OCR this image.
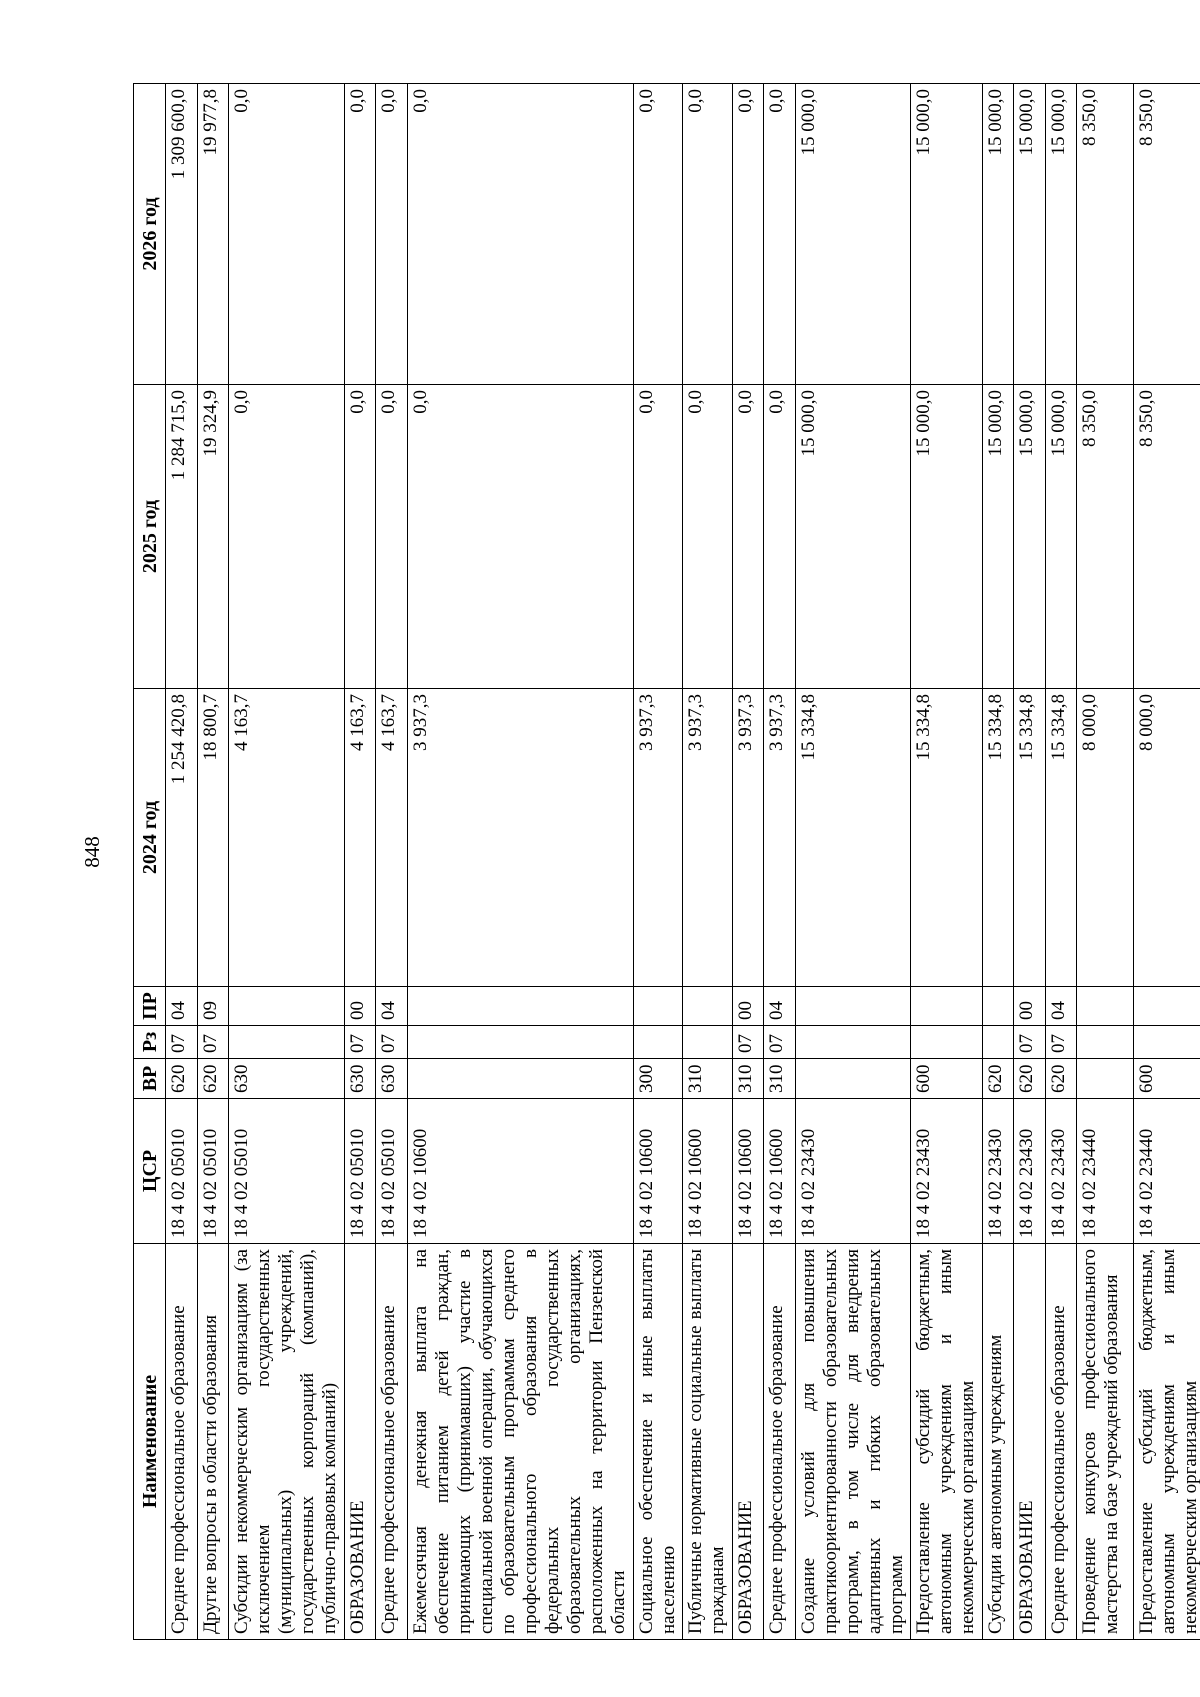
848
Наименование	ЦСР	ВР	Рз	ПР	2024 год	2025 год	2026 год
Среднее профессиональное образование	18 4 02 05010	620	07	04	1 254 420,8	1 284 715,0	1 309 600,0
Другие вопросы в области образования	18 4 02 05010	620	07	09	18 800,7	19 324,9	19 977,8
Субсидии некоммерческим организациям (за исключением государственных (муниципальных) учреждений, государственных корпораций (компаний), публично-правовых компаний)	18 4 02 05010	630			4 163,7	0,0	0,0
ОБРАЗОВАНИЕ	18 4 02 05010	630	07	00	4 163,7	0,0	0,0
Среднее профессиональное образование	18 4 02 05010	630	07	04	4 163,7	0,0	0,0
Ежемесячная денежная выплата на обеспечение питанием детей граждан, принимающих (принимавших) участие в специальной военной операции, обучающихся по образовательным программам среднего профессионального образования в федеральных государственных образовательных организациях, расположенных на территории Пензенской области	18 4 02 10600				3 937,3	0,0	0,0
Социальное обеспечение и иные выплаты населению	18 4 02 10600	300			3 937,3	0,0	0,0
Публичные нормативные социальные выплаты гражданам	18 4 02 10600	310			3 937,3	0,0	0,0
ОБРАЗОВАНИЕ	18 4 02 10600	310	07	00	3 937,3	0,0	0,0
Среднее профессиональное образование	18 4 02 10600	310	07	04	3 937,3	0,0	0,0
Создание условий для повышения практикоориентированности образовательных программ, в том числе для внедрения адаптивных и гибких образовательных программ	18 4 02 23430				15 334,8	15 000,0	15 000,0
Предоставление субсидий бюджетным, автономным учреждениям и иным некоммерческим организациям	18 4 02 23430	600			15 334,8	15 000,0	15 000,0
Субсидии автономным учреждениям	18 4 02 23430	620			15 334,8	15 000,0	15 000,0
ОБРАЗОВАНИЕ	18 4 02 23430	620	07	00	15 334,8	15 000,0	15 000,0
Среднее профессиональное образование	18 4 02 23430	620	07	04	15 334,8	15 000,0	15 000,0
Проведение конкурсов профессионального мастерства на базе учреждений образования	18 4 02 23440				8 000,0	8 350,0	8 350,0
Предоставление субсидий бюджетным, автономным учреждениям и иным некоммерческим организациям	18 4 02 23440	600			8 000,0	8 350,0	8 350,0
